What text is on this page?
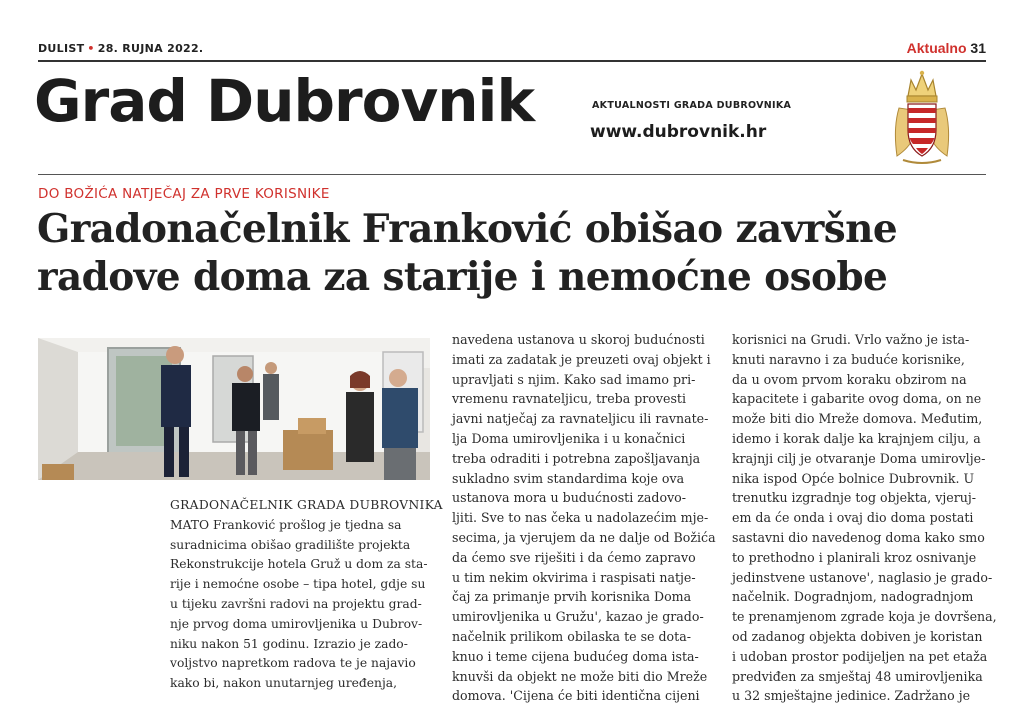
DULIST • 28. RUJNA 2022.	Aktualno 31
Grad Dubrovnik	AKTUALNOSTI GRADA DUBROVNIKA
www.dubrovnik.hr
DO BOŽIĆA NATJEČAJ ZA PRVE KORISNIKE
Gradonačelnik Franković obišao završne
radove doma za starije i nemoćne osobe
GRADONAČELNIK GRADA DUBROVNIKA
MATO Franković prošlog je tjedna sa
suradnicima obišao gradilište projekta
Rekonstrukcije hotela Gruž u dom za sta-
rije i nemoćne osobe – tipa hotel, gdje su
u tijeku završni radovi na projektu grad-
nje prvog doma umirovljenika u Dubrov-
niku nakon 51 godinu. Izrazio je zado-
voljstvo napretkom radova te je najavio
kako bi, nakon unutarnjeg uređenja,
navedena ustanova u skoroj budućnosti
imati za zadatak je preuzeti ovaj objekt i
upravljati s njim. Kako sad imamo pri-
vremenu ravnateljicu, treba provesti
javni natječaj za ravnateljicu ili ravnate-
lja Doma umirovljenika i u konačnici
treba odraditi i potrebna zapošljavanja
sukladno svim standardima koje ova
ustanova mora u budućnosti zadovo-
ljiti. Sve to nas čeka u nadolazećim mje-
secima, ja vjerujem da ne dalje od Božića
da ćemo sve riješiti i da ćemo zapravo
u tim nekim okvirima i raspisati natje-
čaj za primanje prvih korisnika Doma
umirovljenika u Gružu', kazao je grado-
načelnik prilikom obilaska te se dota-
knuo i teme cijena budućeg doma ista-
knuvši da objekt ne može biti dio Mreže
domova. 'Cijena će biti identična cijeni
korisnici na Grudi. Vrlo važno je ista-
knuti naravno i za buduće korisnike,
da u ovom prvom koraku obzirom na
kapacitete i gabarite ovog doma, on ne
može biti dio Mreže domova. Međutim,
idemo i korak dalje ka krajnjem cilju, a
krajnji cilj je otvaranje Doma umirovlje-
nika ispod Opće bolnice Dubrovnik. U
trenutku izgradnje tog objekta, vjeruj-
em da će onda i ovaj dio doma postati
sastavni dio navedenog doma kako smo
to prethodno i planirali kroz osnivanje
jedinstvene ustanove', naglasio je grado-
načelnik. Dogradnjom, nadogradnjom
te prenamjenom zgrade koja je dovršena,
od zadanog objekta dobiven je koristan
i udoban prostor podijeljen na pet etaža
predviđen za smještaj 48 umirovljenika
u 32 smještajne jedinice. Zadržano je
